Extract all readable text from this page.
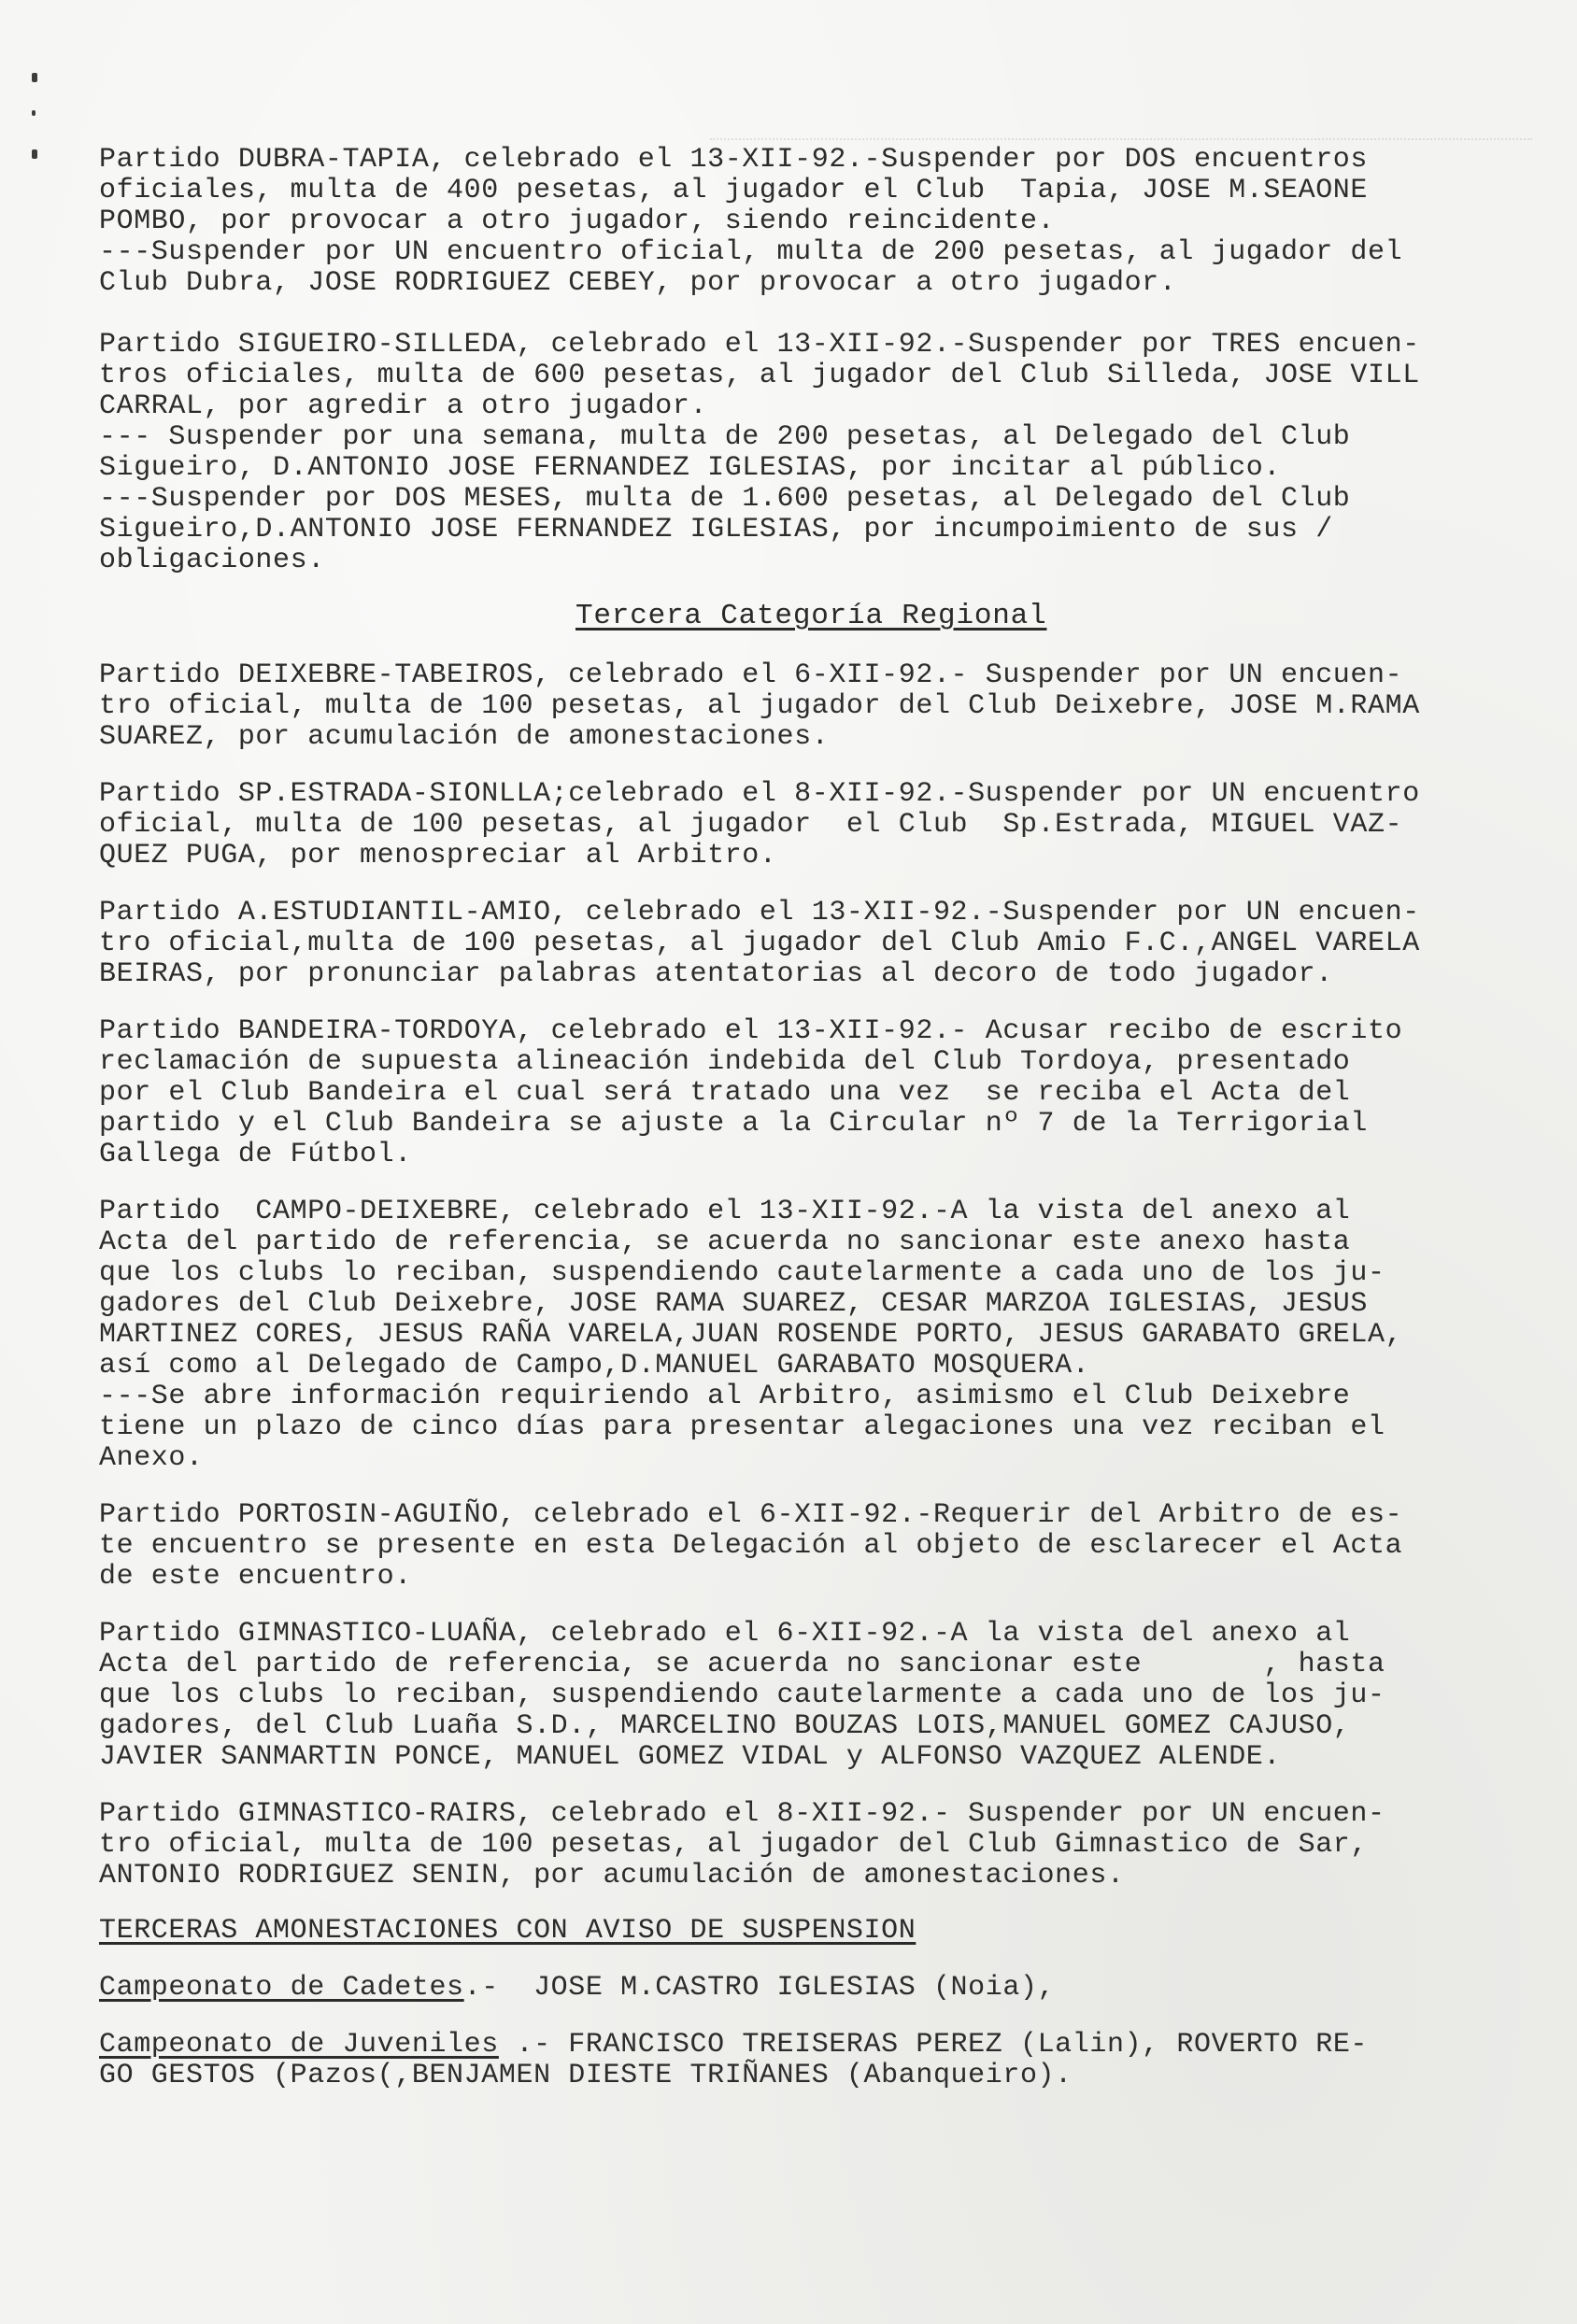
Partido DUBRA-TAPIA, celebrado el 13-XII-92.-Suspender por DOS encuentros
oficiales, multa de 400 pesetas, al jugador el Club  Tapia, JOSE M.SEAONE
POMBO, por provocar a otro jugador, siendo reincidente.
---Suspender por UN encuentro oficial, multa de 200 pesetas, al jugador del
Club Dubra, JOSE RODRIGUEZ CEBEY, por provocar a otro jugador.

Partido SIGUEIRO-SILLEDA, celebrado el 13-XII-92.-Suspender por TRES encuen-
tros oficiales, multa de 600 pesetas, al jugador del Club Silleda, JOSE VILL
CARRAL, por agredir a otro jugador.
--- Suspender por una semana, multa de 200 pesetas, al Delegado del Club
Sigueiro, D.ANTONIO JOSE FERNANDEZ IGLESIAS, por incitar al público.
---Suspender por DOS MESES, multa de 1.600 pesetas, al Delegado del Club
Sigueiro,D.ANTONIO JOSE FERNANDEZ IGLESIAS, por incumpoimiento de sus /
obligaciones.

Tercera Categoría Regional

Partido DEIXEBRE-TABEIROS, celebrado el 6-XII-92.- Suspender por UN encuen-
tro oficial, multa de 100 pesetas, al jugador del Club Deixebre, JOSE M.RAMA
SUAREZ, por acumulación de amonestaciones.

Partido SP.ESTRADA-SIONLLA;celebrado el 8-XII-92.-Suspender por UN encuentro
oficial, multa de 100 pesetas, al jugador  el Club  Sp.Estrada, MIGUEL VAZ-
QUEZ PUGA, por menospreciar al Arbitro.

Partido A.ESTUDIANTIL-AMIO, celebrado el 13-XII-92.-Suspender por UN encuen-
tro oficial,multa de 100 pesetas, al jugador del Club Amio F.C.,ANGEL VARELA
BEIRAS, por pronunciar palabras atentatorias al decoro de todo jugador.

Partido BANDEIRA-TORDOYA, celebrado el 13-XII-92.- Acusar recibo de escrito
reclamación de supuesta alineación indebida del Club Tordoya, presentado
por el Club Bandeira el cual será tratado una vez  se reciba el Acta del
partido y el Club Bandeira se ajuste a la Circular nº 7 de la Terrigorial
Gallega de Fútbol.

Partido  CAMPO-DEIXEBRE, celebrado el 13-XII-92.-A la vista del anexo al
Acta del partido de referencia, se acuerda no sancionar este anexo hasta
que los clubs lo reciban, suspendiendo cautelarmente a cada uno de los ju-
gadores del Club Deixebre, JOSE RAMA SUAREZ, CESAR MARZOA IGLESIAS, JESUS
MARTINEZ CORES, JESUS RAÑA VARELA,JUAN ROSENDE PORTO, JESUS GARABATO GRELA,
así como al Delegado de Campo,D.MANUEL GARABATO MOSQUERA.
---Se abre información requiriendo al Arbitro, asimismo el Club Deixebre
tiene un plazo de cinco días para presentar alegaciones una vez reciban el
Anexo.

Partido PORTOSIN-AGUIÑO, celebrado el 6-XII-92.-Requerir del Arbitro de es-
te encuentro se presente en esta Delegación al objeto de esclarecer el Acta
de este encuentro.

Partido GIMNASTICO-LUAÑA, celebrado el 6-XII-92.-A la vista del anexo al
Acta del partido de referencia, se acuerda no sancionar este       , hasta
que los clubs lo reciban, suspendiendo cautelarmente a cada uno de los ju-
gadores, del Club Luaña S.D., MARCELINO BOUZAS LOIS,MANUEL GOMEZ CAJUSO,
JAVIER SANMARTIN PONCE, MANUEL GOMEZ VIDAL y ALFONSO VAZQUEZ ALENDE.

Partido GIMNASTICO-RAIRS, celebrado el 8-XII-92.- Suspender por UN encuen-
tro oficial, multa de 100 pesetas, al jugador del Club Gimnastico de Sar,
ANTONIO RODRIGUEZ SENIN, por acumulación de amonestaciones.

TERCERAS AMONESTACIONES CON AVISO DE SUSPENSION

Campeonato de Cadetes.-  JOSE M.CASTRO IGLESIAS (Noia),

Campeonato de Juveniles .- FRANCISCO TREISERAS PEREZ (Lalin), ROVERTO RE-
GO GESTOS (Pazos(,BENJAMEN DIESTE TRIÑANES (Abanqueiro).
